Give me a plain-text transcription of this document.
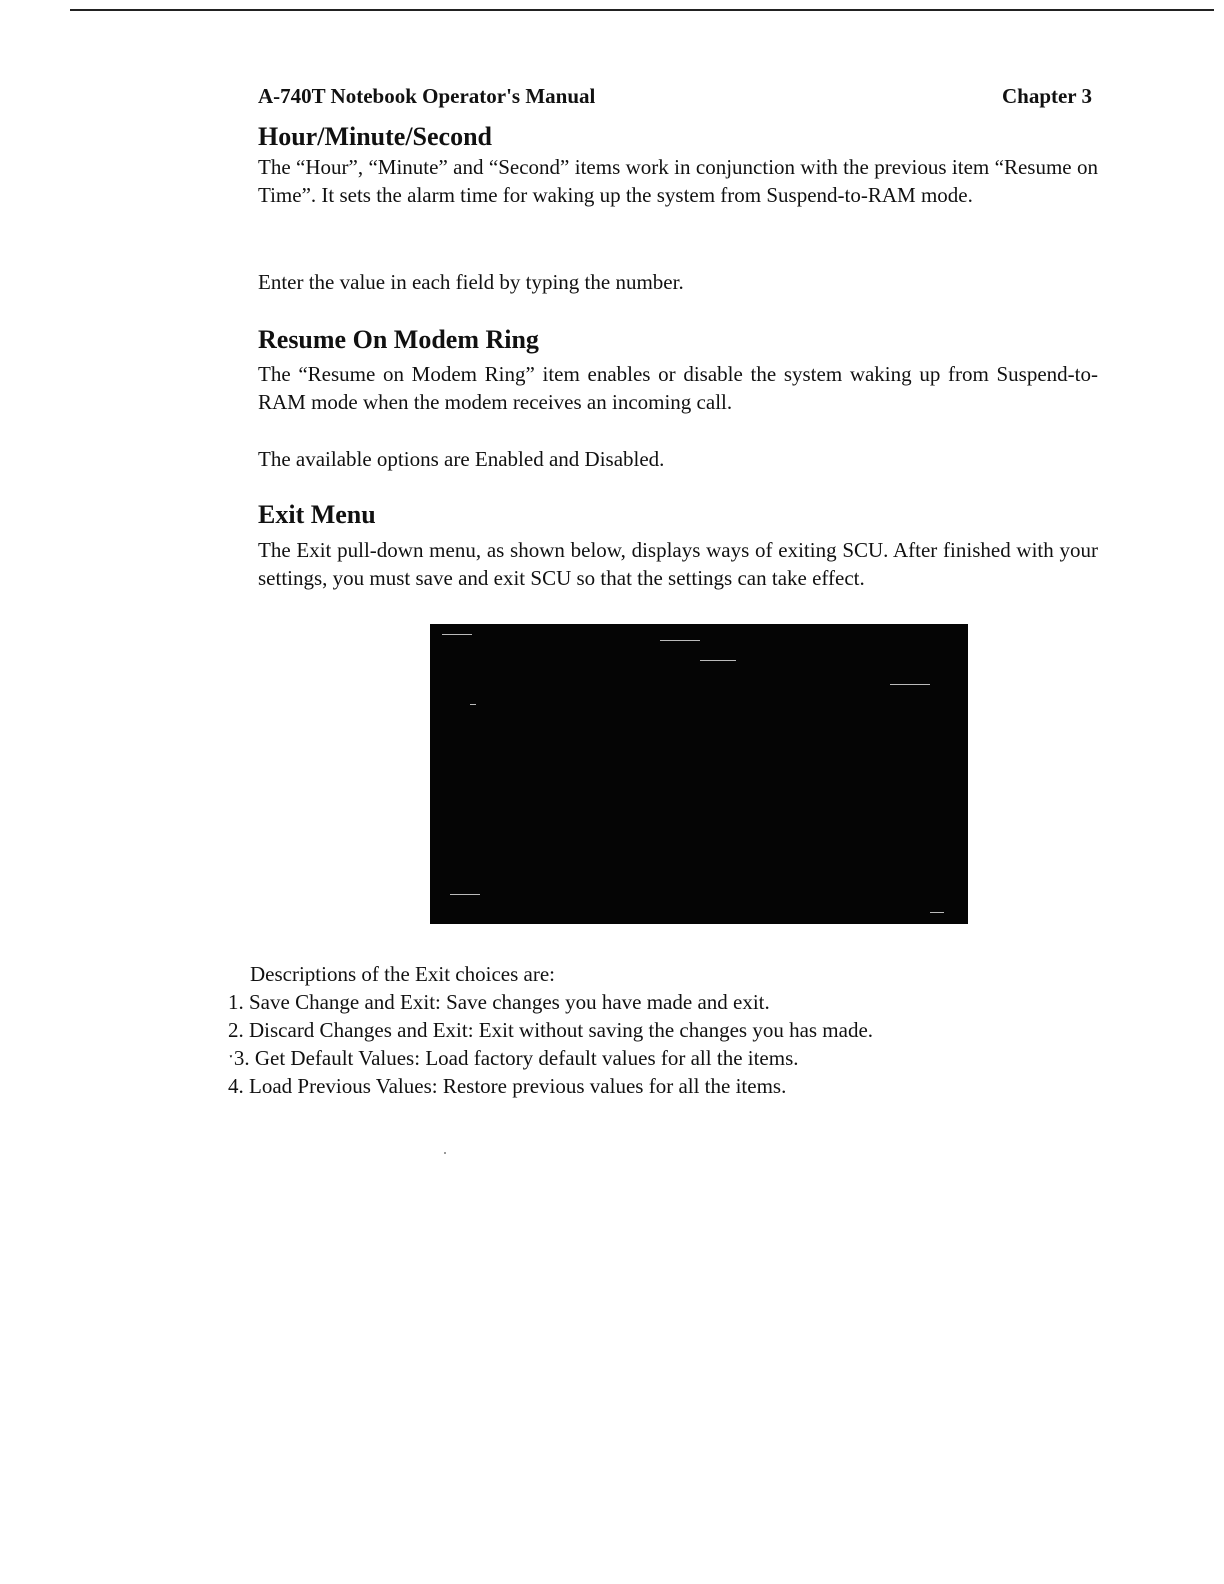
A-740T Notebook Operator's Manual	Chapter 3
Hour/Minute/Second

The “Hour”, “Minute” and “Second” items work in conjunction with the previous item “Resume on Time”. It sets the alarm time for waking up the system from Suspend-to-RAM mode.

Enter the value in each field by typing the number.

Resume On Modem Ring

The “Resume on Modem Ring” item enables or disable the system waking up from Suspend-to-RAM mode when the modem receives an incoming call.

The available options are Enabled and Disabled.

Exit Menu

The Exit pull-down menu, as shown below, displays ways of exiting SCU. After finished with your settings, you must save and exit SCU so that the settings can take effect.

Descriptions of the Exit choices are:

1. Save Change and Exit: Save changes you have made and exit.
2. Discard Changes and Exit: Exit without saving the changes you has made.
ˑ3. Get Default Values: Load factory default values for all the items.
4. Load Previous Values: Restore previous values for all the items.
